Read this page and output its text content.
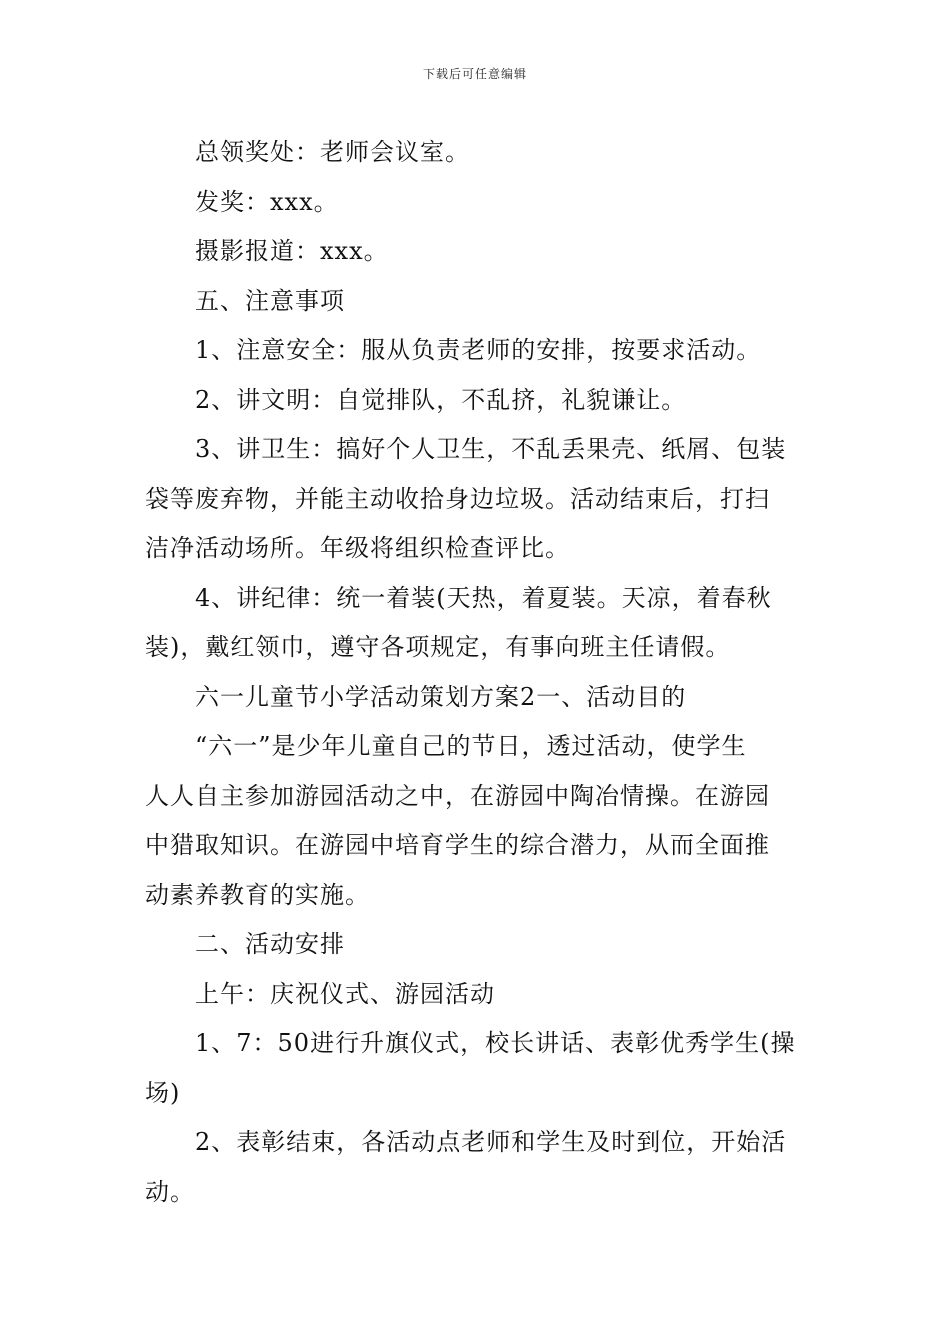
下载后可任意编辑
总领奖处：老师会议室。
发奖：xxx。
摄影报道：xxx。
五、注意事项
1、注意安全：服从负责老师的安排，按要求活动。
2、讲文明：自觉排队，不乱挤，礼貌谦让。
3、讲卫生：搞好个人卫生，不乱丢果壳、纸屑、包装
袋等废弃物，并能主动收拾身边垃圾。活动结束后，打扫
洁净活动场所。年级将组织检查评比。
4、讲纪律：统一着装(天热，着夏装。天凉，着春秋
装)，戴红领巾，遵守各项规定，有事向班主任请假。
六一儿童节小学活动策划方案2一、活动目的
“六一”是少年儿童自己的节日，透过活动，使学生
人人自主参加游园活动之中，在游园中陶冶情操。在游园
中猎取知识。在游园中培育学生的综合潜力，从而全面推
动素养教育的实施。
二、活动安排
上午：庆祝仪式、游园活动
1、7：50进行升旗仪式，校长讲话、表彰优秀学生(操
场)
2、表彰结束，各活动点老师和学生及时到位，开始活
动。
